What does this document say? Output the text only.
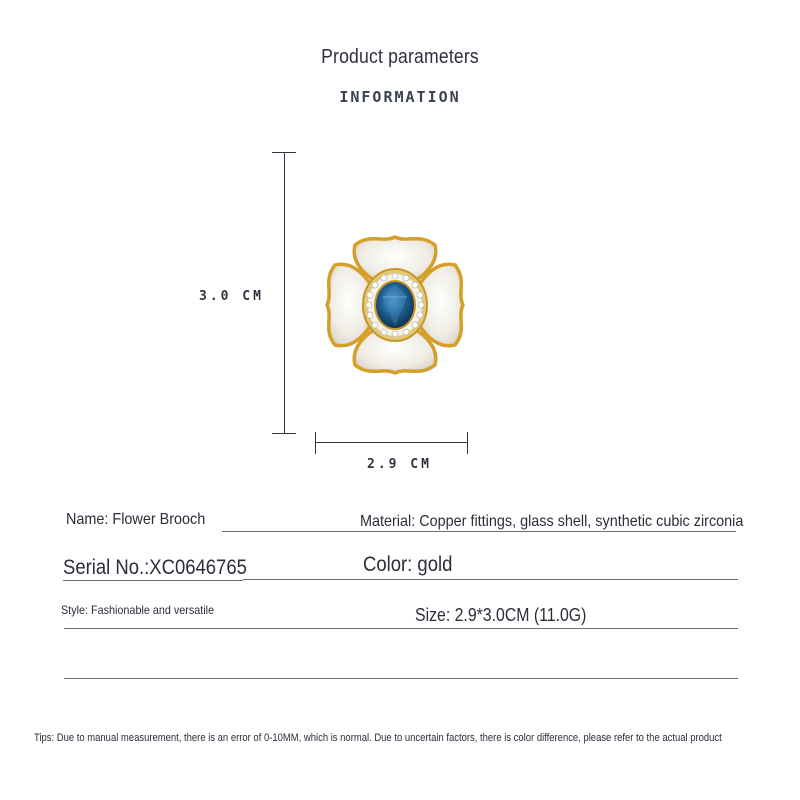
Product parameters
INFORMATION
3.0 CM
2.9 CM
Name: Flower Brooch	Material: Copper fittings, glass shell, synthetic cubic zirconia
Serial No.:XC0646765	Color: gold
Style: Fashionable and versatile	Size: 2.9*3.0CM (11.0G)
Tips: Due to manual measurement, there is an error of 0-10MM, which is normal. Due to uncertain factors, there is color difference, please refer to the actual product
